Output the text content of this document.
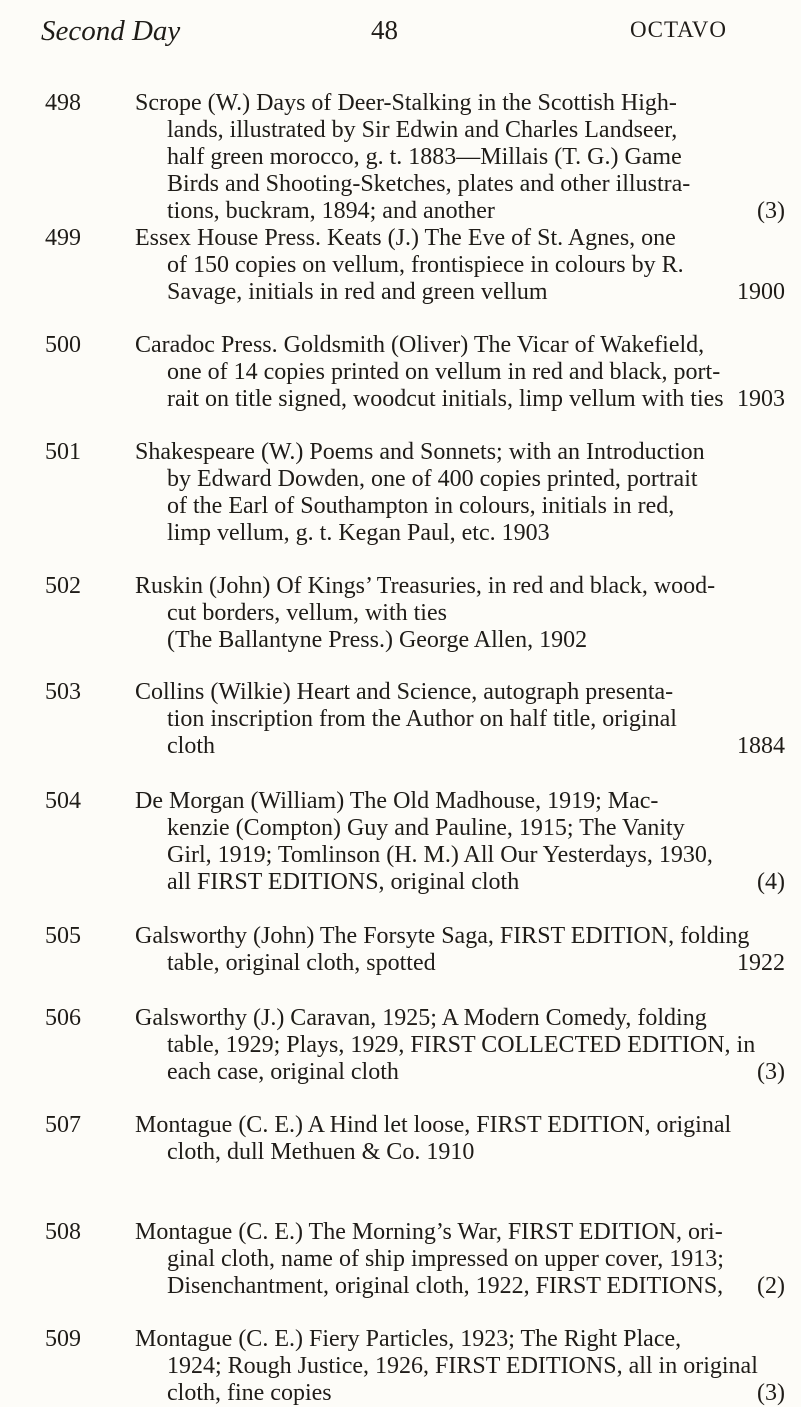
Second Day	48	OCTAVO
498 Scrope (W.) Days of Deer-Stalking in the Scottish High-
lands, illustrated by Sir Edwin and Charles Landseer,
half green morocco, g. t. 1883—Millais (T. G.) Game
Birds and Shooting-Sketches, plates and other illustra-
tions, buckram, 1894; and another	(3)
499 Essex House Press. Keats (J.) The Eve of St. Agnes, one
of 150 copies on vellum, frontispiece in colours by R.
Savage, initials in red and green vellum	1900
500 Caradoc Press. Goldsmith (Oliver) The Vicar of Wakefield,
one of 14 copies printed on vellum in red and black, port-
rait on title signed, woodcut initials, limp vellum with ties 1903
501 Shakespeare (W.) Poems and Sonnets; with an Introduction
by Edward Dowden, one of 400 copies printed, portrait
of the Earl of Southampton in colours, initials in red,
limp vellum, g. t. Kegan Paul, etc. 1903
502 Ruskin (John) Of Kings’ Treasuries, in red and black, wood-
cut borders, vellum, with ties
(The Ballantyne Press.) George Allen, 1902
503 Collins (Wilkie) Heart and Science, autograph presenta-
tion inscription from the Author on half title, original
cloth	1884
504 De Morgan (William) The Old Madhouse, 1919; Mac-
kenzie (Compton) Guy and Pauline, 1915; The Vanity
Girl, 1919; Tomlinson (H. M.) All Our Yesterdays, 1930,
all FIRST EDITIONS, original cloth	(4)
505 Galsworthy (John) The Forsyte Saga, FIRST EDITION, folding
table, original cloth, spotted	1922
506 Galsworthy (J.) Caravan, 1925; A Modern Comedy, folding
table, 1929; Plays, 1929, FIRST COLLECTED EDITION, in
each case, original cloth	(3)
507 Montague (C. E.) A Hind let loose, FIRST EDITION, original
cloth, dull Methuen & Co. 1910
508 Montague (C. E.) The Morning’s War, FIRST EDITION, ori-
ginal cloth, name of ship impressed on upper cover, 1913;
Disenchantment, original cloth, 1922, FIRST EDITIONS, (2)
509 Montague (C. E.) Fiery Particles, 1923; The Right Place,
1924; Rough Justice, 1926, FIRST EDITIONS, all in original
cloth, fine copies	(3)
